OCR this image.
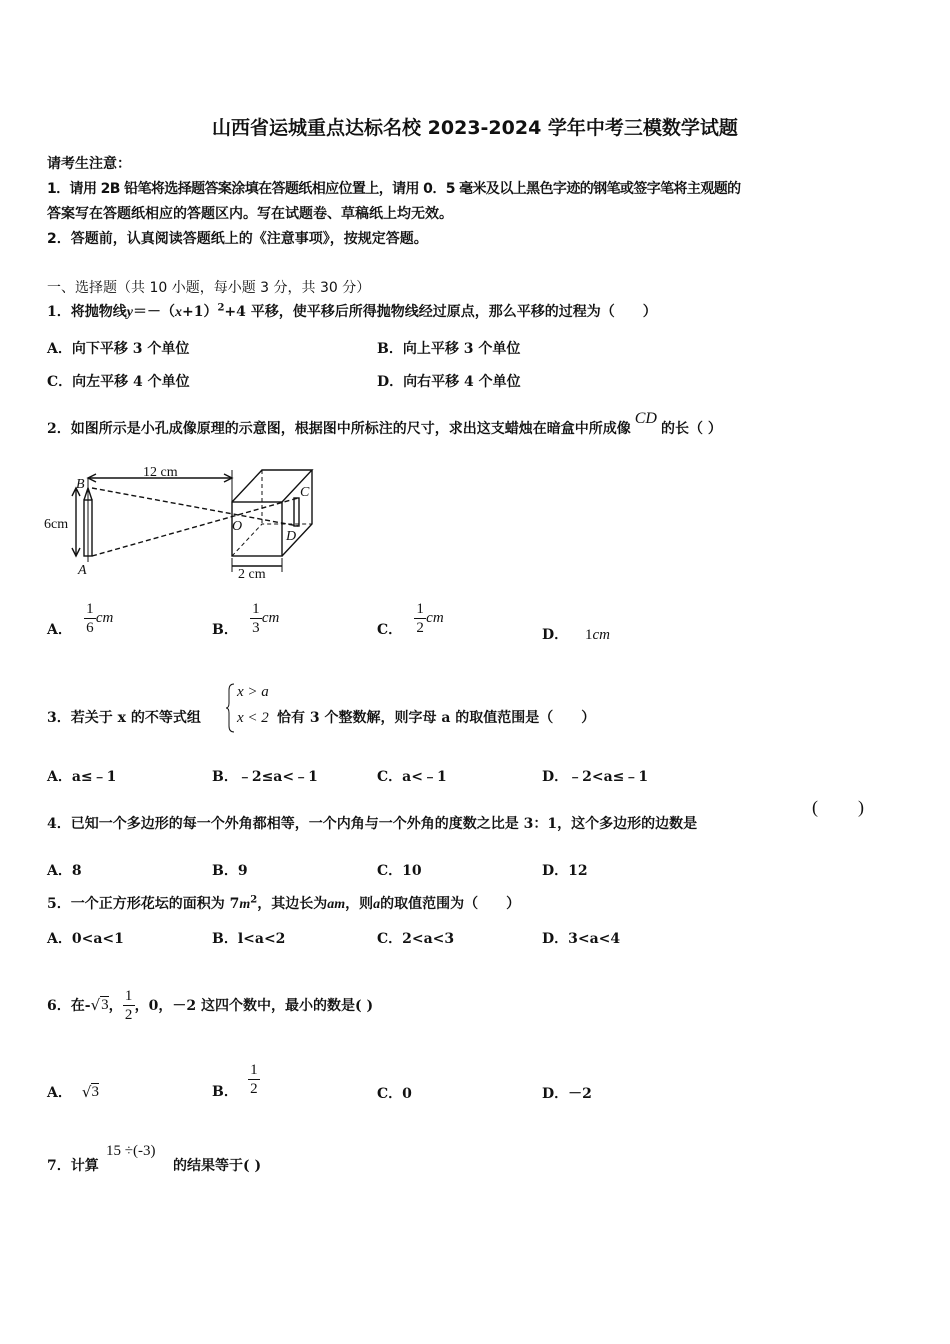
山西省运城重点达标名校 2023-2024 学年中考三模数学试题
请考生注意：
1．请用 2B 铅笔将选择题答案涂填在答题纸相应位置上，请用 0．5 毫米及以上黑色字迹的钢笔或签字笔将主观题的
答案写在答题纸相应的答题区内。写在试题卷、草稿纸上均无效。
2．答题前，认真阅读答题纸上的《注意事项》，按规定答题。
一、选择题（共 10 小题，每小题 3 分，共 30 分）
1．将抛物线$y=-(x+1)^2+4$ 平移，使平移后所得抛物线经过原点，那么平移的过程为（　　）
A．向下平移 3 个单位	B．向上平移 3 个单位
C．向左平移 4 个单位	D．向右平移 4 个单位
2．如图所示是小孔成像原理的示意图，根据图中所标注的尺寸，求出这支蜡烛在暗盒中所成像CD的长（ ）
12 cm
6cm
2 cm
A
B
C
D
O
A． $\frac{1}{6}$ cm
B． $\frac{1}{3}$ cm
C． $\frac{1}{2}$ cm
D． 1cm
3．若关于 x 的不等式组
x > a
x < 2 恰有 3 个整数解，则字母 a 的取值范围是（　　）
A．a≤﹣1	B．﹣2≤a<﹣1	C．a<﹣1	D．﹣2<a≤﹣1
4．已知一个多边形的每一个外角都相等，一个内角与一个外角的度数之比是 3：1，这个多边形的边数是
( )
A．8	B．9	C．10	D．12
5．一个正方形花坛的面积为 $7m^2$，其边长为am，则a的取值范围为（　　）
A．0<a<1	B．l<a<2	C．2<a<3	D．3<a<4
6．在- √ 3 ， $\frac{1}{2}$ ，0，－2 这四个数中，最小的数是( )
A． √ 3	B． $\frac{1}{2}$	C．0	D．－2
7．计算
15 ÷(-3)
的结果等于( )
